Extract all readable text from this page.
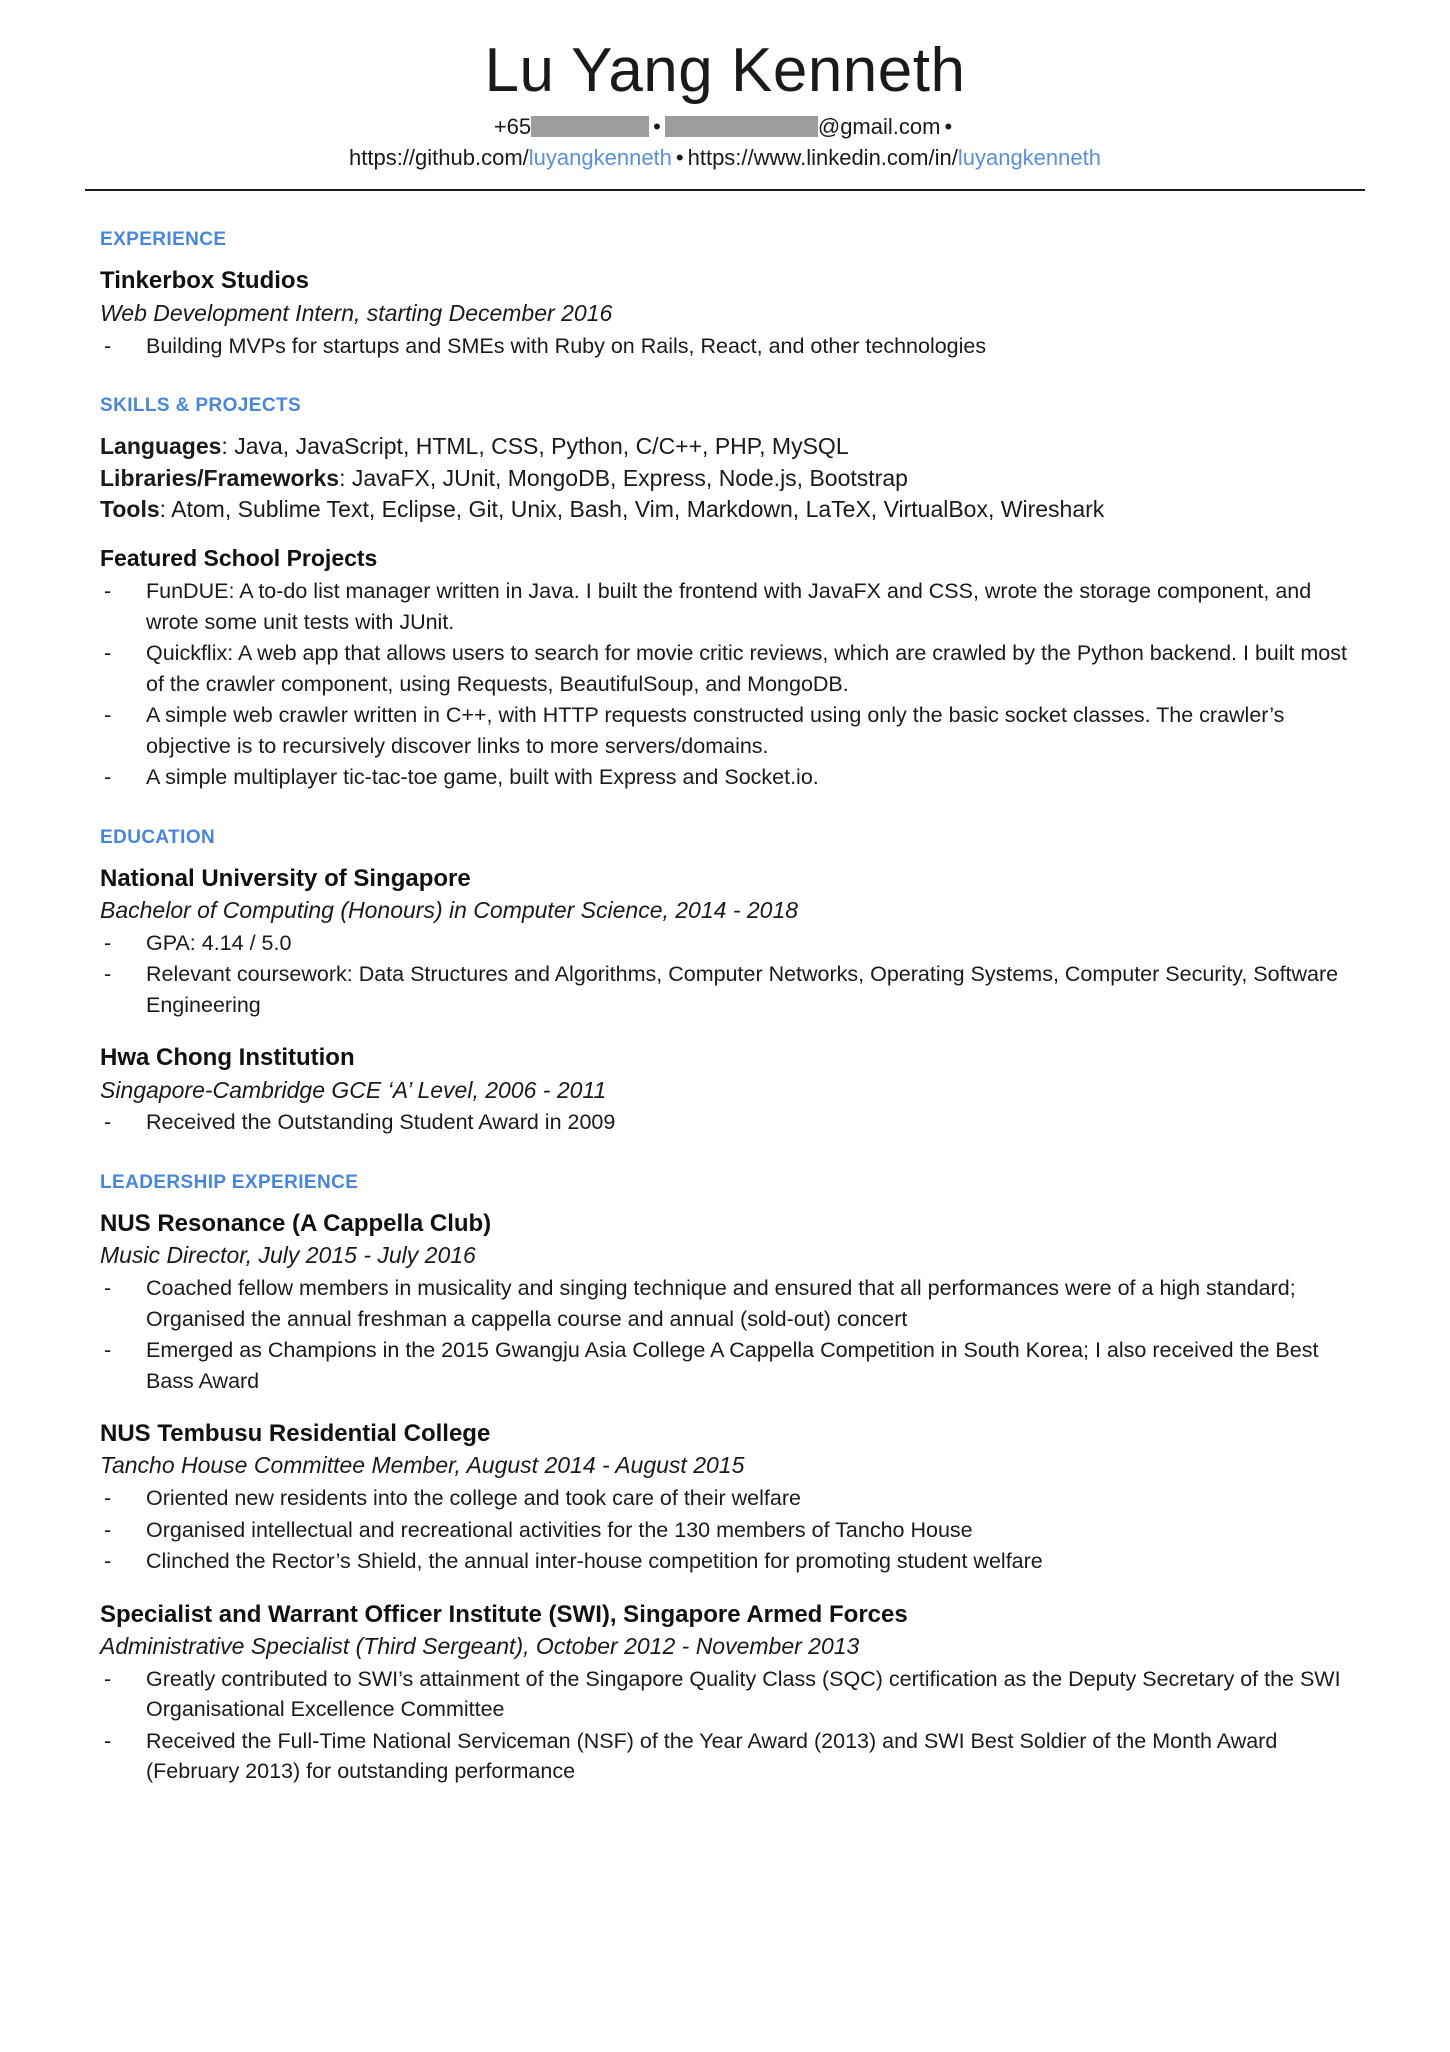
Lu Yang Kenneth
+65	•	@gmail.com •
https://github.com/luyangkenneth • https://www.linkedin.com/in/luyangkenneth
EXPERIENCE
Tinkerbox Studios
Web Development Intern, starting December 2016
- Building MVPs for startups and SMEs with Ruby on Rails, React, and other technologies
SKILLS & PROJECTS

Languages: Java, JavaScript, HTML, CSS, Python, C/C++, PHP, MySQL

Libraries/Frameworks: JavaFX, JUnit, MongoDB, Express, Node.js, Bootstrap

Tools: Atom, Sublime Text, Eclipse, Git, Unix, Bash, Vim, Markdown, LaTeX, VirtualBox, Wireshark

Featured School Projects
- FunDUE: A to-do list manager written in Java. I built the frontend with JavaFX and CSS, wrote the storage component, and wrote some unit tests with JUnit.
- Quickflix: A web app that allows users to search for movie critic reviews, which are crawled by the Python backend. I built most of the crawler component, using Requests, BeautifulSoup, and MongoDB.
- A simple web crawler written in C++, with HTTP requests constructed using only the basic socket classes. The crawler’s objective is to recursively discover links to more servers/domains.
- A simple multiplayer tic-tac-toe game, built with Express and Socket.io.
EDUCATION
National University of Singapore
Bachelor of Computing (Honours) in Computer Science, 2014 - 2018
- GPA: 4.14 / 5.0
- Relevant coursework: Data Structures and Algorithms, Computer Networks, Operating Systems, Computer Security, Software Engineering
Hwa Chong Institution
Singapore-Cambridge GCE ‘A’ Level, 2006 - 2011
- Received the Outstanding Student Award in 2009
LEADERSHIP EXPERIENCE
NUS Resonance (A Cappella Club)
Music Director, July 2015 - July 2016
- Coached fellow members in musicality and singing technique and ensured that all performances were of a high standard; Organised the annual freshman a cappella course and annual (sold-out) concert
- Emerged as Champions in the 2015 Gwangju Asia College A Cappella Competition in South Korea; I also received the Best Bass Award
NUS Tembusu Residential College
Tancho House Committee Member, August 2014 - August 2015
- Oriented new residents into the college and took care of their welfare
- Organised intellectual and recreational activities for the 130 members of Tancho House
- Clinched the Rector’s Shield, the annual inter-house competition for promoting student welfare
Specialist and Warrant Officer Institute (SWI), Singapore Armed Forces
Administrative Specialist (Third Sergeant), October 2012 - November 2013
- Greatly contributed to SWI’s attainment of the Singapore Quality Class (SQC) certification as the Deputy Secretary of the SWI Organisational Excellence Committee
- Received the Full-Time National Serviceman (NSF) of the Year Award (2013) and SWI Best Soldier of the Month Award (February 2013) for outstanding performance
